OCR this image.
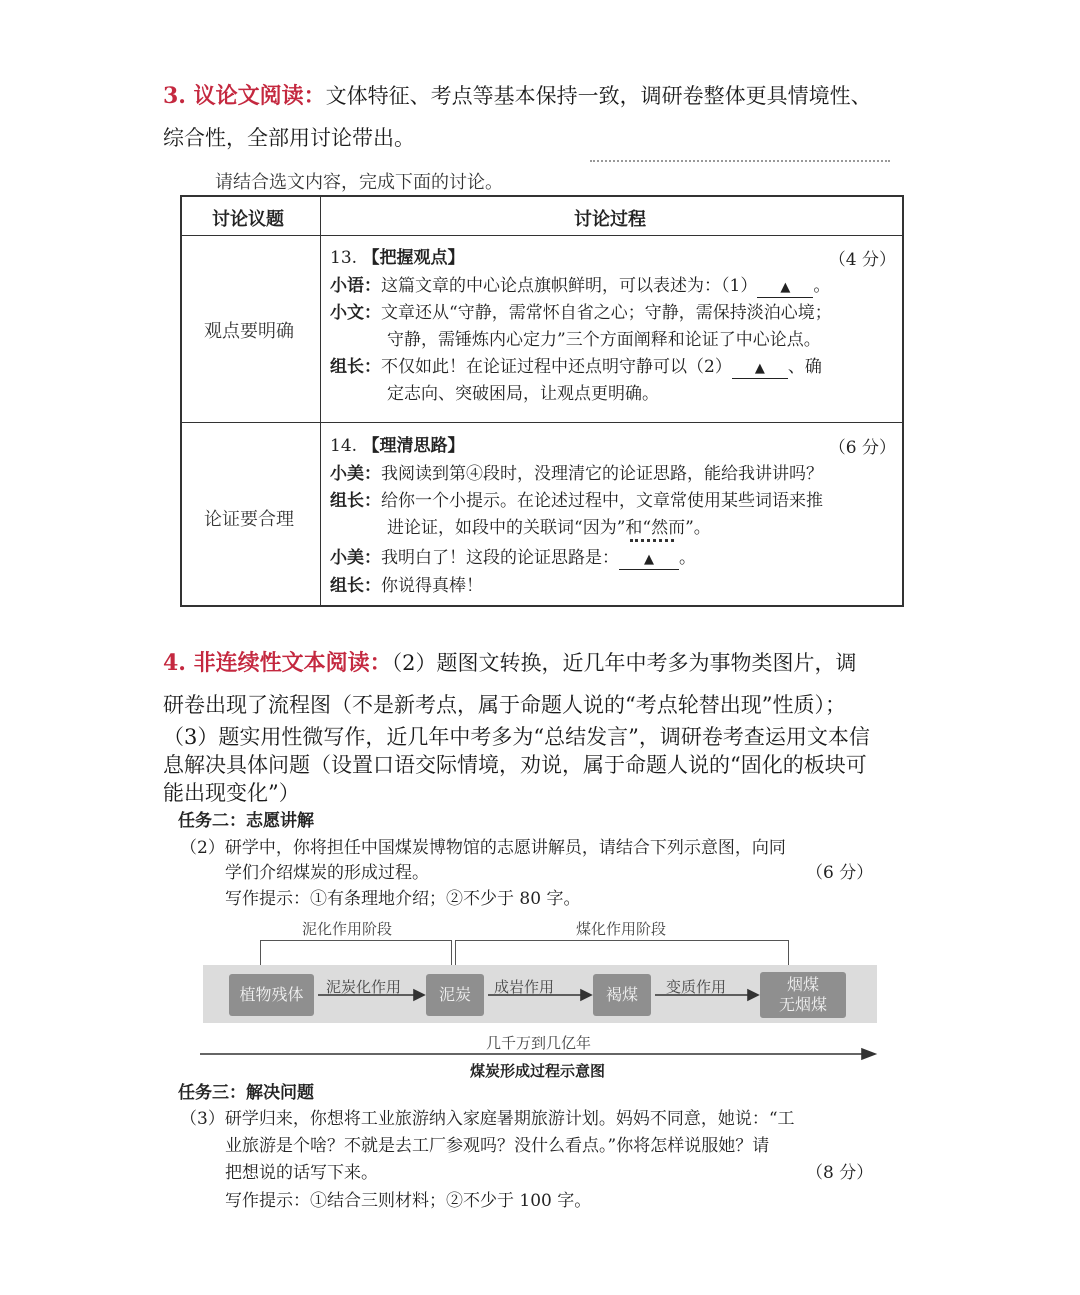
3. 议论文阅读：文体特征、考点等基本保持一致，调研卷整体更具情境性、
综合性，全部用讨论带出。
请结合选文内容，完成下面的讨论。
讨论议题	讨论过程
观点要明确
13. 【把握观点】	（4 分）
小语：这篇文章的中心论点旗帜鲜明，可以表述为：（1） ▲ 。
小文：文章还从“守静，需常怀自省之心；守静，需保持淡泊心境；
守静，需锤炼内心定力”三个方面阐释和论证了中心论点。
组长：不仅如此！在论证过程中还点明守静可以（2） ▲ 、确
定志向、突破困局，让观点更明确。
论证要合理
14. 【理清思路】	（6 分）
小美：我阅读到第④段时，没理清它的论证思路，能给我讲讲吗？
组长：给你一个小提示。在论述过程中，文章常使用某些词语来推
进论证，如段中的关联词“因为”和“然而”。
小美：我明白了！这段的论证思路是： ▲ 。
组长：你说得真棒！
4. 非连续性文本阅读：（2）题图文转换，近几年中考多为事物类图片，调
研卷出现了流程图（不是新考点，属于命题人说的“考点轮替出现”性质）；
（3）题实用性微写作，近几年中考多为“总结发言”，调研卷考查运用文本信
息解决具体问题（设置口语交际情境，劝说，属于命题人说的“固化的板块可
能出现变化”）
任务二：志愿讲解
（2）研学中，你将担任中国煤炭博物馆的志愿讲解员，请结合下列示意图，向同
学们介绍煤炭的形成过程。	（6 分）
写作提示：①有条理地介绍；②不少于 80 字。
泥化作用阶段	煤化作用阶段
植物残体	泥炭	褐煤
烟煤
无烟煤
泥炭化作用	成岩作用	变质作用
几千万到几亿年
煤炭形成过程示意图
任务三：解决问题
（3）研学归来，你想将工业旅游纳入家庭暑期旅游计划。妈妈不同意，她说：“工
业旅游是个啥？不就是去工厂参观吗？没什么看点。”你将怎样说服她？请
把想说的话写下来。	（8 分）
写作提示：①结合三则材料；②不少于 100 字。
